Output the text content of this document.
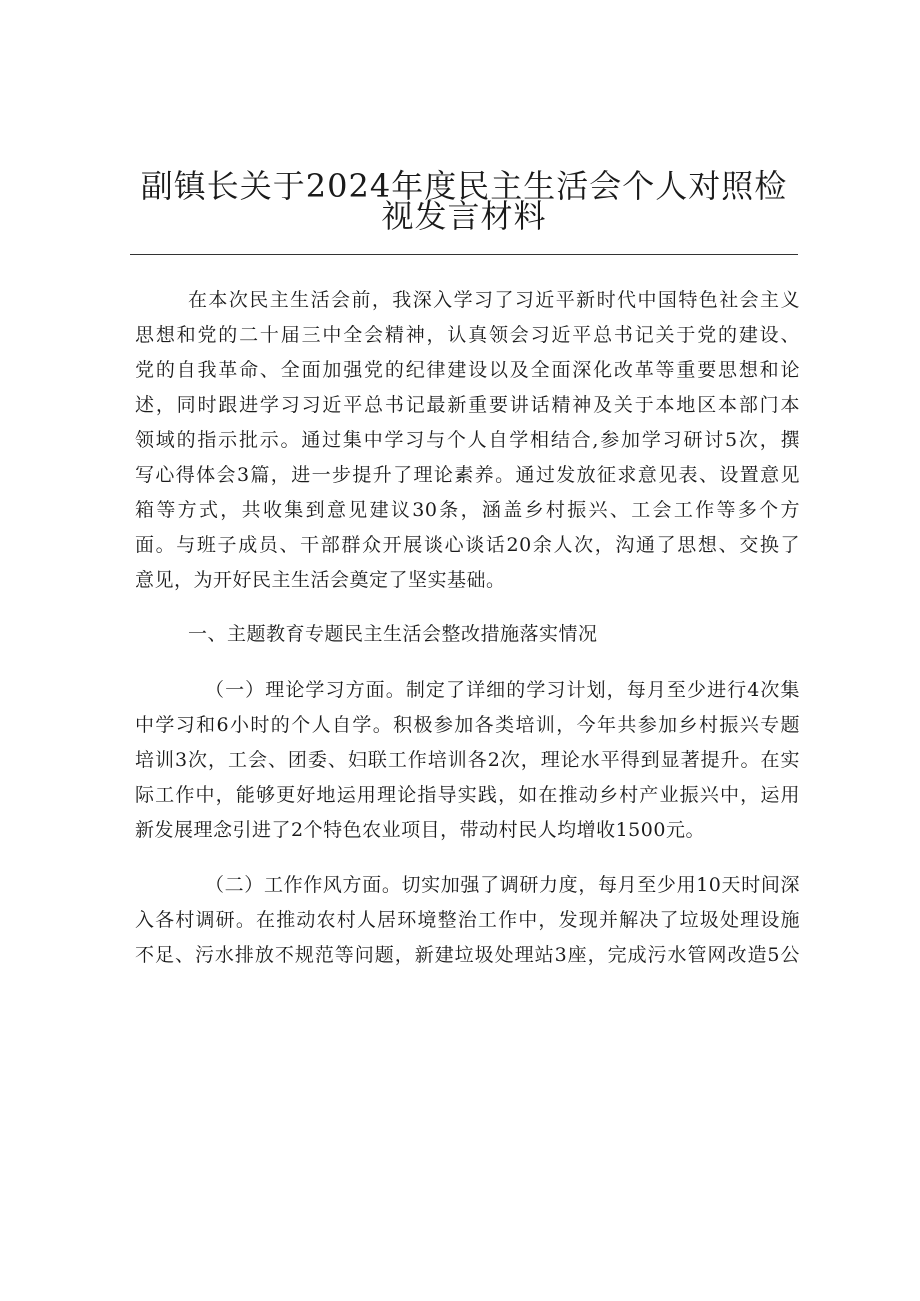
副镇长关于2024年度民主生活会个人对照检
视发言材料

在本次民主生活会前，我深入学习了习近平新时代中国特色社会主义

思想和党的二十届三中全会精神，认真领会习近平总书记关于党的建设、

党的自我革命、全面加强党的纪律建设以及全面深化改革等重要思想和论

述，同时跟进学习习近平总书记最新重要讲话精神及关于本地区本部门本

领域的指示批示。通过集中学习与个人自学相结合,参加学习研讨5次，撰

写心得体会3篇，进一步提升了理论素养。通过发放征求意见表、设置意见

箱等方式，共收集到意见建议30条，涵盖乡村振兴、工会工作等多个方

面。与班子成员、干部群众开展谈心谈话20余人次，沟通了思想、交换了

意见，为开好民主生活会奠定了坚实基础。

一、主题教育专题民主生活会整改措施落实情况

（一）理论学习方面。制定了详细的学习计划，每月至少进行4次集

中学习和6小时的个人自学。积极参加各类培训，今年共参加乡村振兴专题

培训3次，工会、团委、妇联工作培训各2次，理论水平得到显著提升。在实

际工作中，能够更好地运用理论指导实践，如在推动乡村产业振兴中，运用

新发展理念引进了2个特色农业项目，带动村民人均增收1500元。

（二）工作作风方面。切实加强了调研力度，每月至少用10天时间深

入各村调研。在推动农村人居环境整治工作中，发现并解决了垃圾处理设施

不足、污水排放不规范等问题，新建垃圾处理站3座，完成污水管网改造5公
